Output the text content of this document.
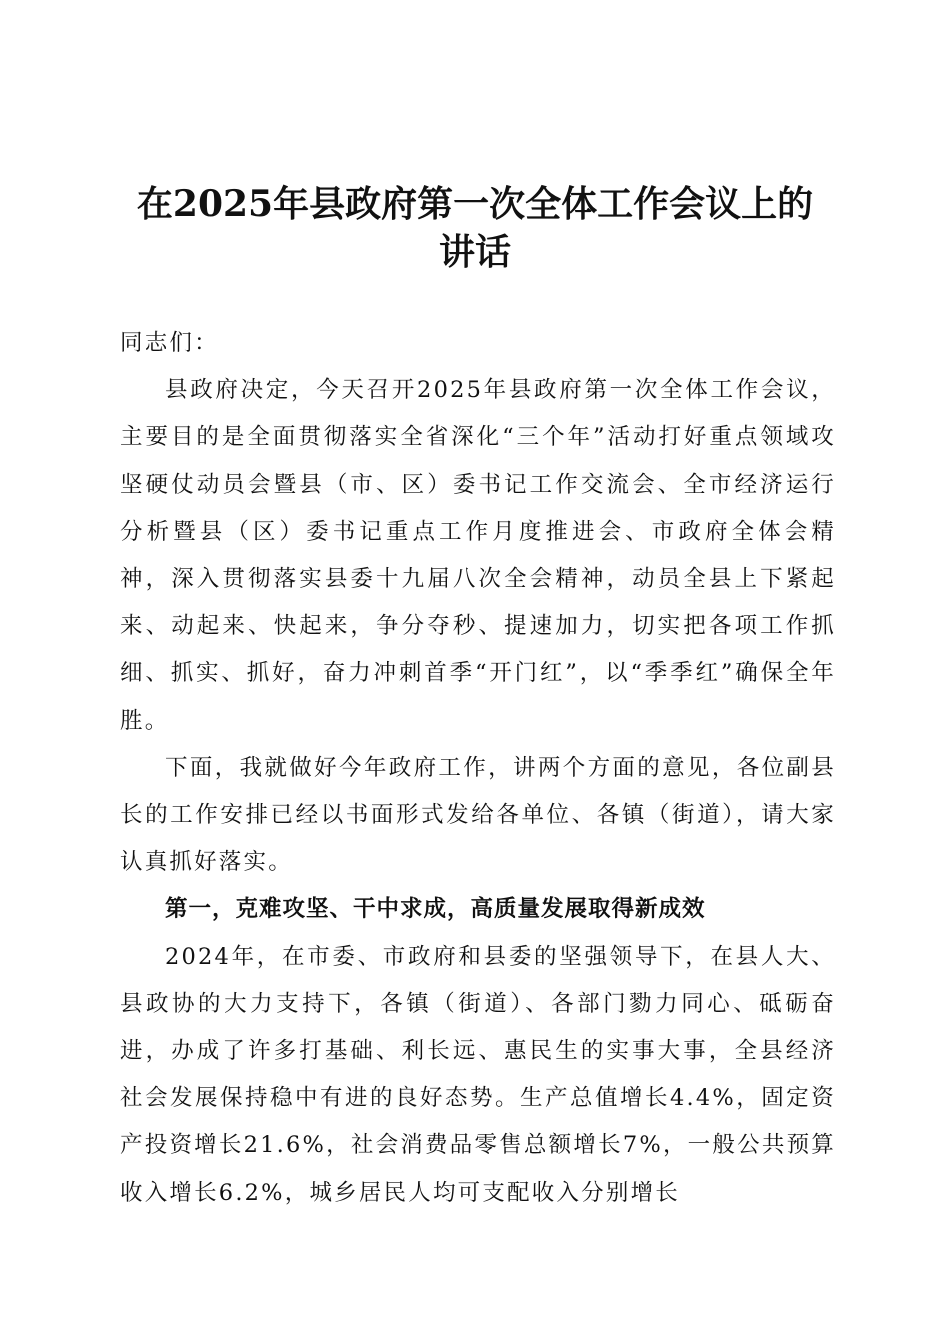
在2025年县政府第一次全体工作会议上的讲话

同志们：

县政府决定，今天召开2025年县政府第一次全体工作会议，主要目的是全面贯彻落实全省深化“三个年”活动打好重点领域攻坚硬仗动员会暨县（市、区）委书记工作交流会、全市经济运行分析暨县（区）委书记重点工作月度推进会、市政府全体会精神，深入贯彻落实县委十九届八次全会精神，动员全县上下紧起来、动起来、快起来，争分夺秒、提速加力，切实把各项工作抓细、抓实、抓好，奋力冲刺首季“开门红”，以“季季红”确保全年胜。

下面，我就做好今年政府工作，讲两个方面的意见，各位副县长的工作安排已经以书面形式发给各单位、各镇（街道），请大家认真抓好落实。

第一，克难攻坚、干中求成，高质量发展取得新成效

2024年，在市委、市政府和县委的坚强领导下，在县人大、县政协的大力支持下，各镇（街道）、各部门勠力同心、砥砺奋进，办成了许多打基础、利长远、惠民生的实事大事，全县经济社会发展保持稳中有进的良好态势。生产总值增长4.4%，固定资产投资增长21.6%，社会消费品零售总额增长7%，一般公共预算收入增长6.2%，城乡居民人均可支配收入分别增长
